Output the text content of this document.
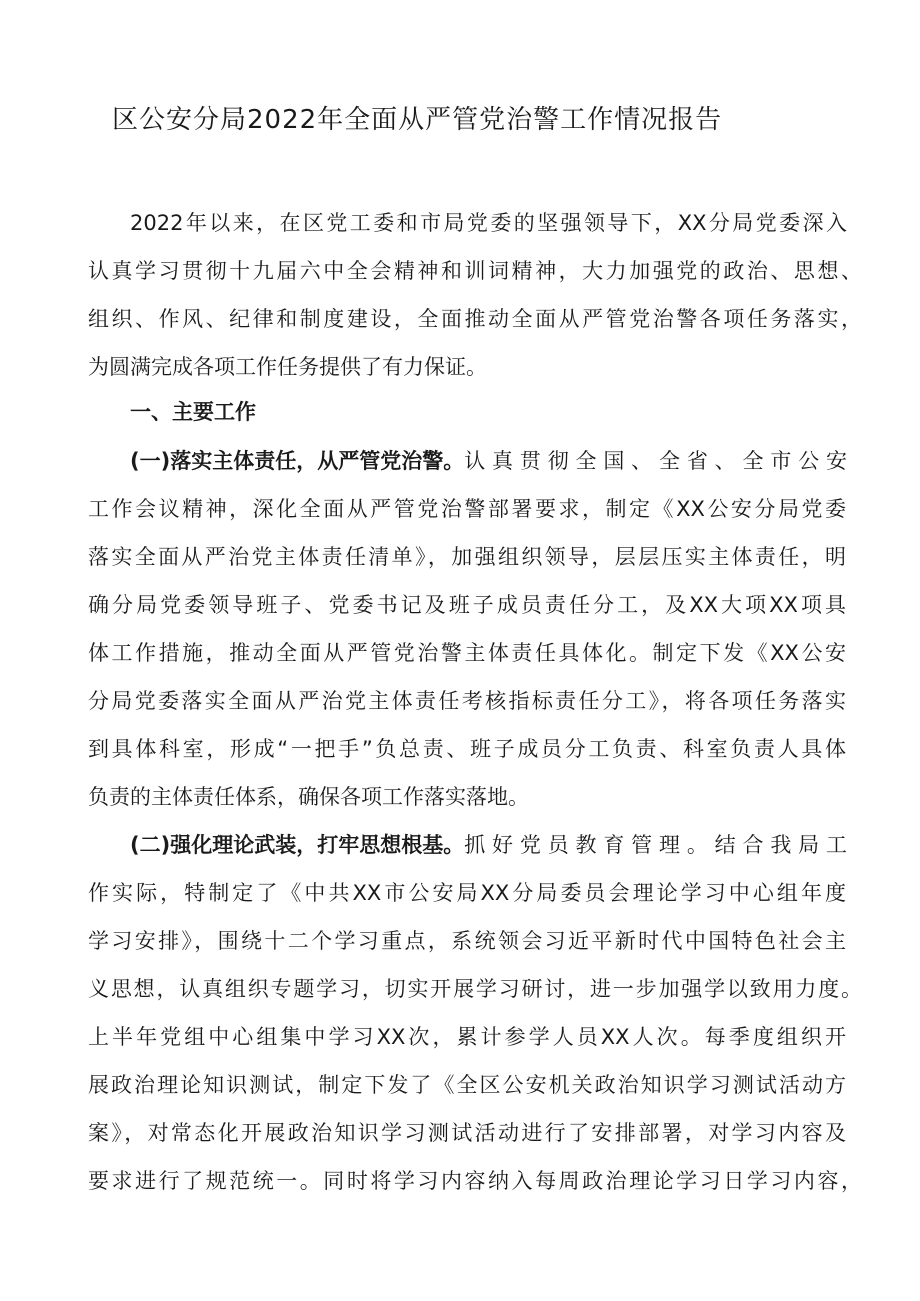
区公安分局2022年全面从严管党治警工作情况报告
2022年以来，在区党工委和市局党委的坚强领导下，XX分局党委深入
认真学习贯彻十九届六中全会精神和训词精神，大力加强党的政治、思想、
组织、作风、纪律和制度建设，全面推动全面从严管党治警各项任务落实，
为圆满完成各项工作任务提供了有力保证。
一、主要工作
(一)落实主体责任，从严管党治警。 认真贯彻全国、全省、全市公安
工作会议精神，深化全面从严管党治警部署要求，制定《XX公安分局党委
落实全面从严治党主体责任清单》，加强组织领导，层层压实主体责任，明
确分局党委领导班子、党委书记及班子成员责任分工，及XX大项XX项具
体工作措施，推动全面从严管党治警主体责任具体化。制定下发《XX公安
分局党委落实全面从严治党主体责任考核指标责任分工》，将各项任务落实
到具体科室，形成“一把手”负总责、班子成员分工负责、科室负责人具体
负责的主体责任体系，确保各项工作落实落地。
(二)强化理论武装，打牢思想根基。 抓好党员教育管理。结合我局工
作实际，特制定了《中共XX市公安局XX分局委员会理论学习中心组年度
学习安排》，围绕十二个学习重点，系统领会习近平新时代中国特色社会主
义思想，认真组织专题学习，切实开展学习研讨，进一步加强学以致用力度。
上半年党组中心组集中学习XX次，累计参学人员XX人次。每季度组织开
展政治理论知识测试，制定下发了《全区公安机关政治知识学习测试活动方
案》，对常态化开展政治知识学习测试活动进行了安排部署，对学习内容及
要求进行了规范统一。同时将学习内容纳入每周政治理论学习日学习内容，
